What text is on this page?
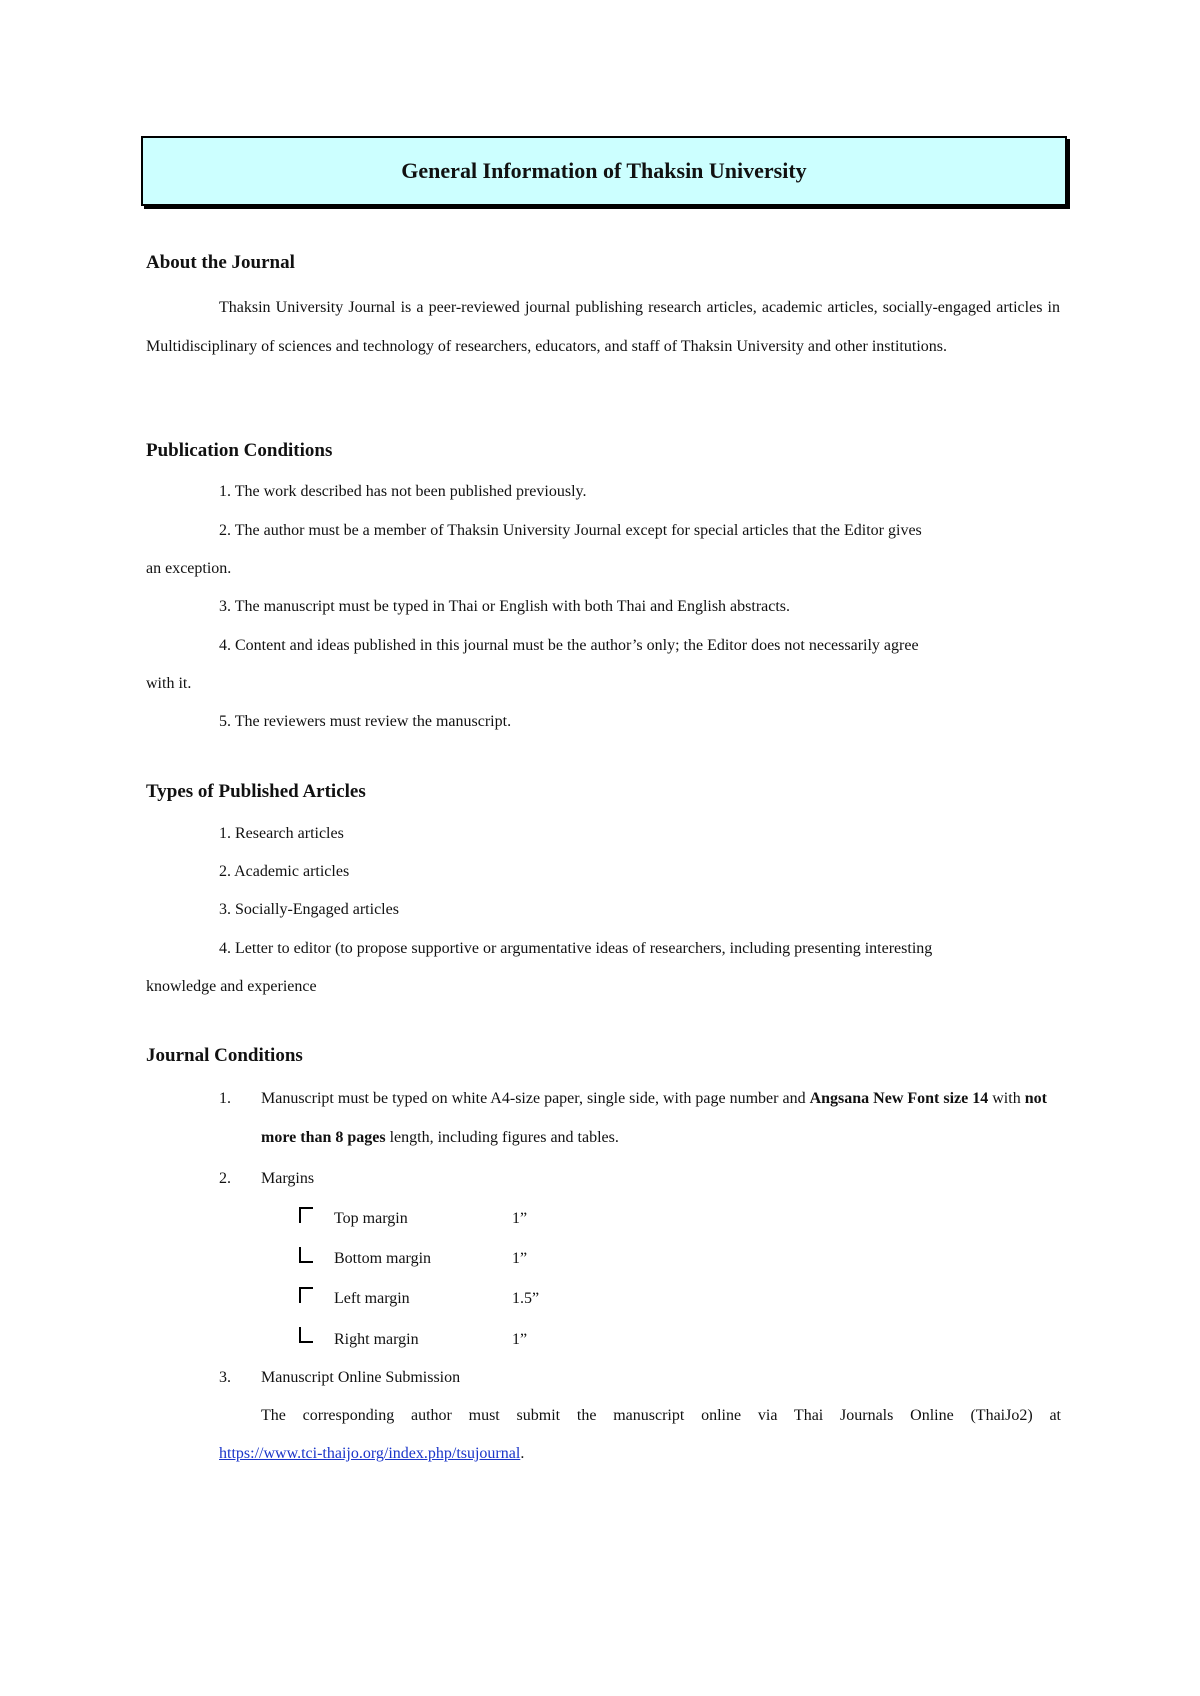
General Information of Thaksin University
About the Journal

Thaksin University Journal is a peer-reviewed journal publishing research articles, academic articles, socially-engaged articles in Multidisciplinary of sciences and technology of researchers, educators, and staff of Thaksin University and other institutions.

Publication Conditions

1. The work described has not been published previously.

2. The author must be a member of Thaksin University Journal except for special articles that the Editor gives

an exception.

3. The manuscript must be typed in Thai or English with both Thai and English abstracts.

4. Content and ideas published in this journal must be the author’s only; the Editor does not necessarily agree

with it.

5. The reviewers must review the manuscript.

Types of Published Articles

1. Research articles

2. Academic articles

3. Socially-Engaged articles

4. Letter to editor (to propose supportive or argumentative ideas of researchers, including presenting interesting

knowledge and experience

Journal Conditions
1. Manuscript must be typed on white A4-size paper, single side, with page number and Angsana New Font size 14 with not more than 8 pages length, including figures and tables.

2. Margins
Top margin	1”
Bottom margin	1”
Left margin	1.5”
Right margin	1”
3. Manuscript Online Submission

The corresponding author must submit the manuscript online via Thai Journals Online (ThaiJo2) at

https://www.tci-thaijo.org/index.php/tsujournal.
